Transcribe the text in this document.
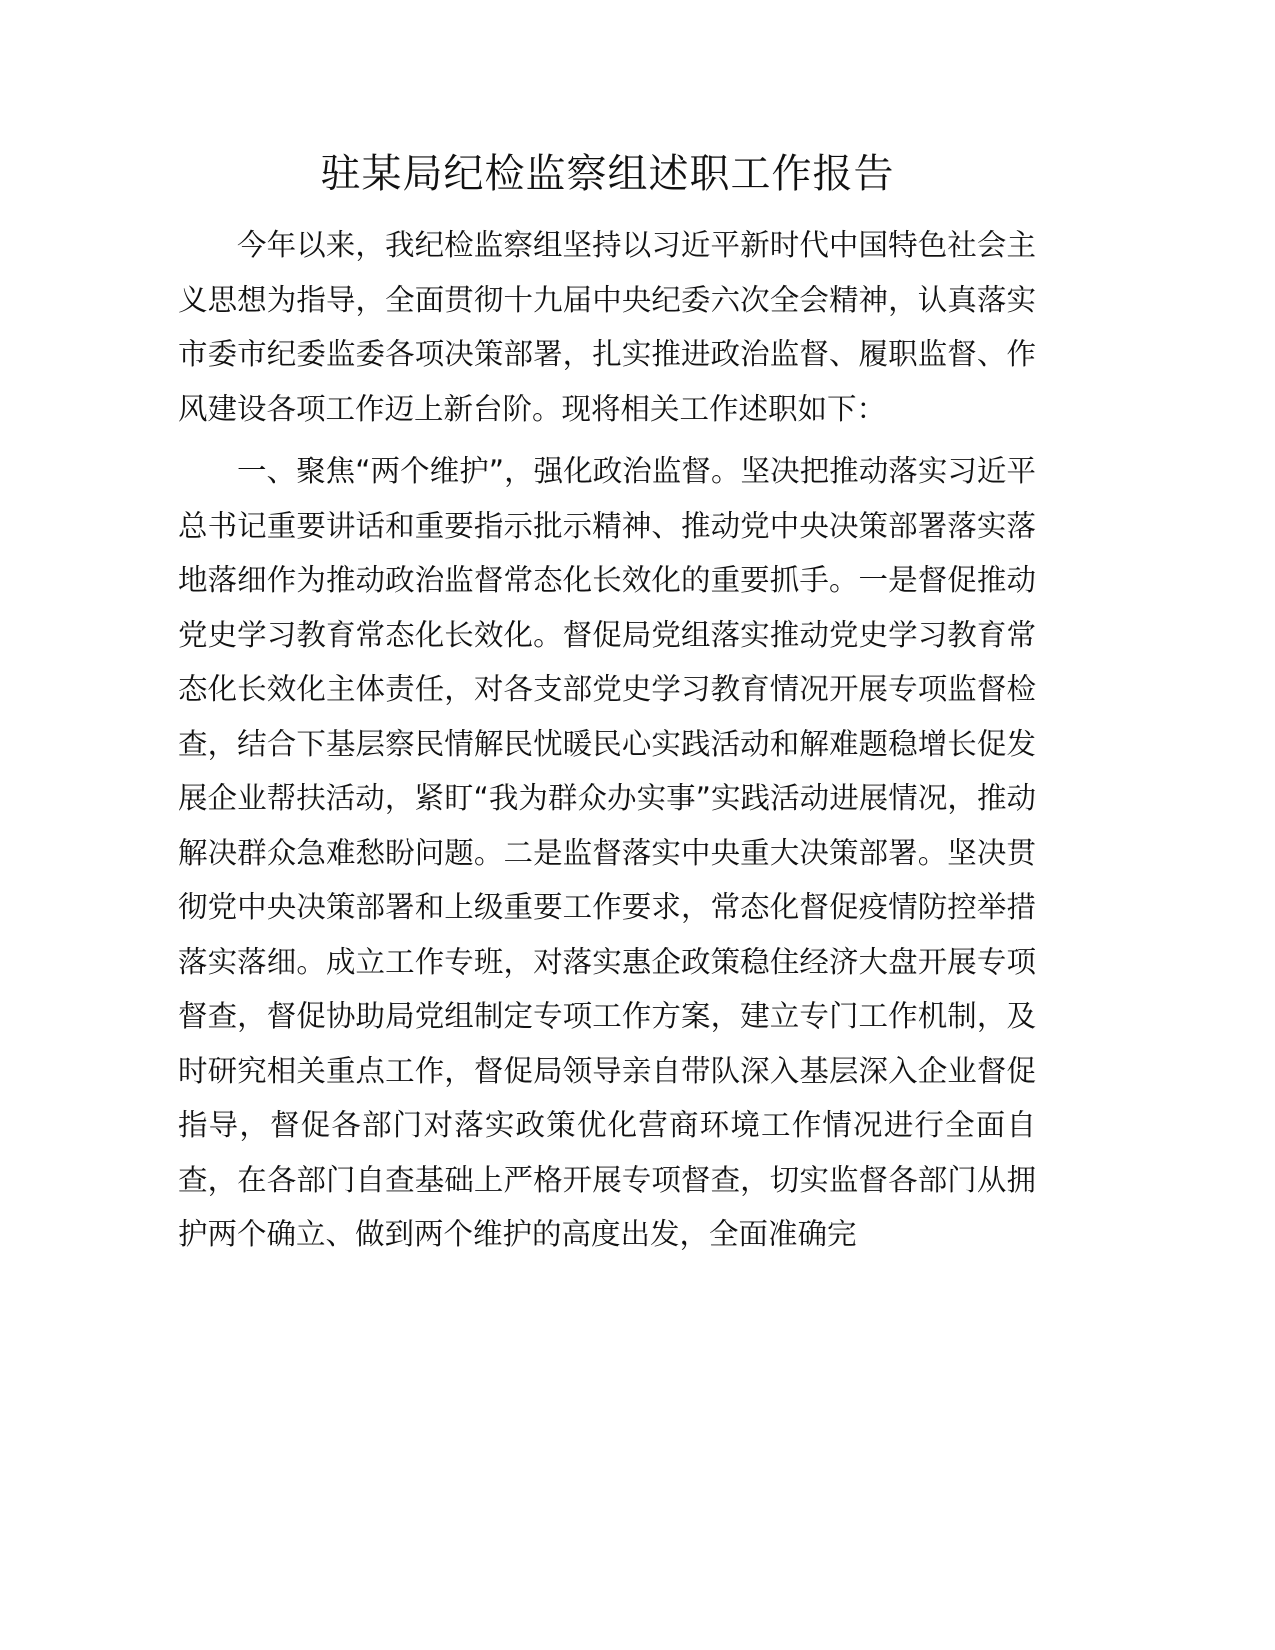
驻某局纪检监察组述职工作报告

今年以来，我纪检监察组坚持以习近平新时代中国特色社会主义思想为指导，全面贯彻十九届中央纪委六次全会精神，认真落实市委市纪委监委各项决策部署，扎实推进政治监督、履职监督、作风建设各项工作迈上新台阶。现将相关工作述职如下：

一、聚焦“两个维护”，强化政治监督。坚决把推动落实习近平总书记重要讲话和重要指示批示精神、推动党中央决策部署落实落地落细作为推动政治监督常态化长效化的重要抓手。一是督促推动党史学习教育常态化长效化。督促局党组落实推动党史学习教育常态化长效化主体责任，对各支部党史学习教育情况开展专项监督检查，结合下基层察民情解民忧暖民心实践活动和解难题稳增长促发展企业帮扶活动，紧盯“我为群众办实事”实践活动进展情况，推动解决群众急难愁盼问题。二是监督落实中央重大决策部署。坚决贯彻党中央决策部署和上级重要工作要求，常态化督促疫情防控举措落实落细。成立工作专班，对落实惠企政策稳住经济大盘开展专项督查，督促协助局党组制定专项工作方案，建立专门工作机制，及时研究相关重点工作，督促局领导亲自带队深入基层深入企业督促指导，督促各部门对落实政策优化营商环境工作情况进行全面自查，在各部门自查基础上严格开展专项督查，切实监督各部门从拥护两个确立、做到两个维护的高度出发，全面准确完
